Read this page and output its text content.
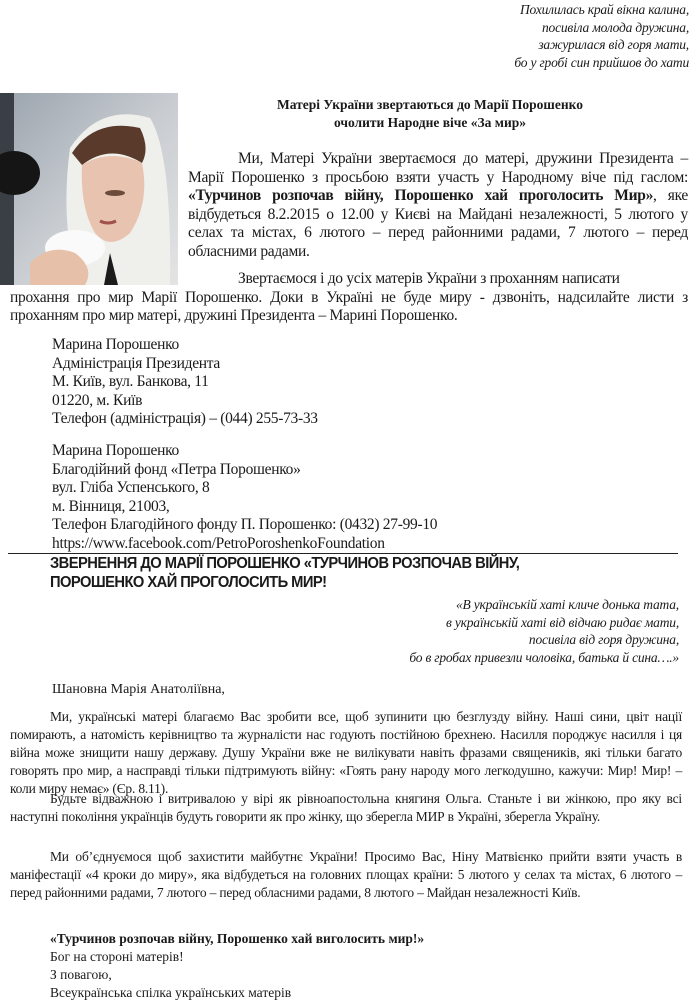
Похилилась край вікна калина,
посивіла молода дружина,
зажурилася від горя мати,
бо у гробі син прийшов до хати
Матері України звертаються до Марії Порошенко
очолити Народне віче «За мир»
Ми, Матері України звертаємося до матері, дружини Президента – Марії Порошенко з просьбою взяти участь у Народному віче під гаслом: «Турчинов розпочав війну, Порошенко хай проголосить Мир», яке відбудеться 8.2.2015 о 12.00 у Києві на Майдані незалежності, 5 лютого у селах та містах, 6 лютого – перед районними радами, 7 лютого – перед обласними радами.
Звертаємося і до усіх матерів України з проханням написати
прохання про мир Марії Порошенко. Доки в Україні не буде миру - дзвоніть, надсилайте листи з проханням про мир матері, дружині Президента – Марині Порошенко.
Марина Порошенко
Адміністрація Президента
М. Київ, вул. Банкова, 11
01220, м. Київ
Телефон (адміністрація) – (044) 255-73-33
Марина Порошенко
Благодійний фонд «Петра Порошенко»
вул. Гліба Успенського, 8
м. Вінниця, 21003,
Телефон Благодійного фонду П. Порошенко: (0432) 27-99-10
https://www.facebook.com/PetroPoroshenkoFoundation
ЗВЕРНЕННЯ ДО МАРІЇ ПОРОШЕНКО «ТУРЧИНОВ РОЗПОЧАВ ВІЙНУ,
ПОРОШЕНКО ХАЙ ПРОГОЛОСИТЬ МИР!
«В українській хаті кличе донька тата,
в українській хаті від відчаю ридає мати,
посивіла від горя дружина,
бо в гробах привезли чоловіка, батька й сина….»
Шановна Марія Анатоліївна,
Ми, українські матері благаємо Вас зробити все, щоб зупинити цю безглузду війну. Наші сини, цвіт нації помирають, а натомість керівництво та журналісти нас годують постійною брехнею. Насилля породжує насилля і ця війна може знищити нашу державу. Душу України вже не вилікувати навіть фразами священиків, які тільки багато говорять про мир, а насправді тільки підтримують війну: «Гоять рану народу мого легкодушно, кажучи: Мир! Мир! – коли миру немає» (Єр. 8.11).
Будьте відважною і витривалою у вірі як рівноапостольна княгиня Ольга. Станьте і ви жінкою, про яку всі наступні покоління українців будуть говорити як про жінку, що зберегла МИР в Україні, зберегла Україну.
Ми об’єднуємося щоб захистити майбутнє України! Просимо Вас, Ніну Матвієнко прийти взяти участь в маніфестації «4 кроки до миру», яка відбудеться на головних площах країни: 5 лютого у селах та містах, 6 лютого – перед районними радами, 7 лютого – перед обласними радами, 8 лютого – Майдан незалежності Київ.
«Турчинов розпочав війну, Порошенко хай виголосить мир!»
Бог на стороні матерів!
З повагою,
Всеукраїнська спілка українських матерів
